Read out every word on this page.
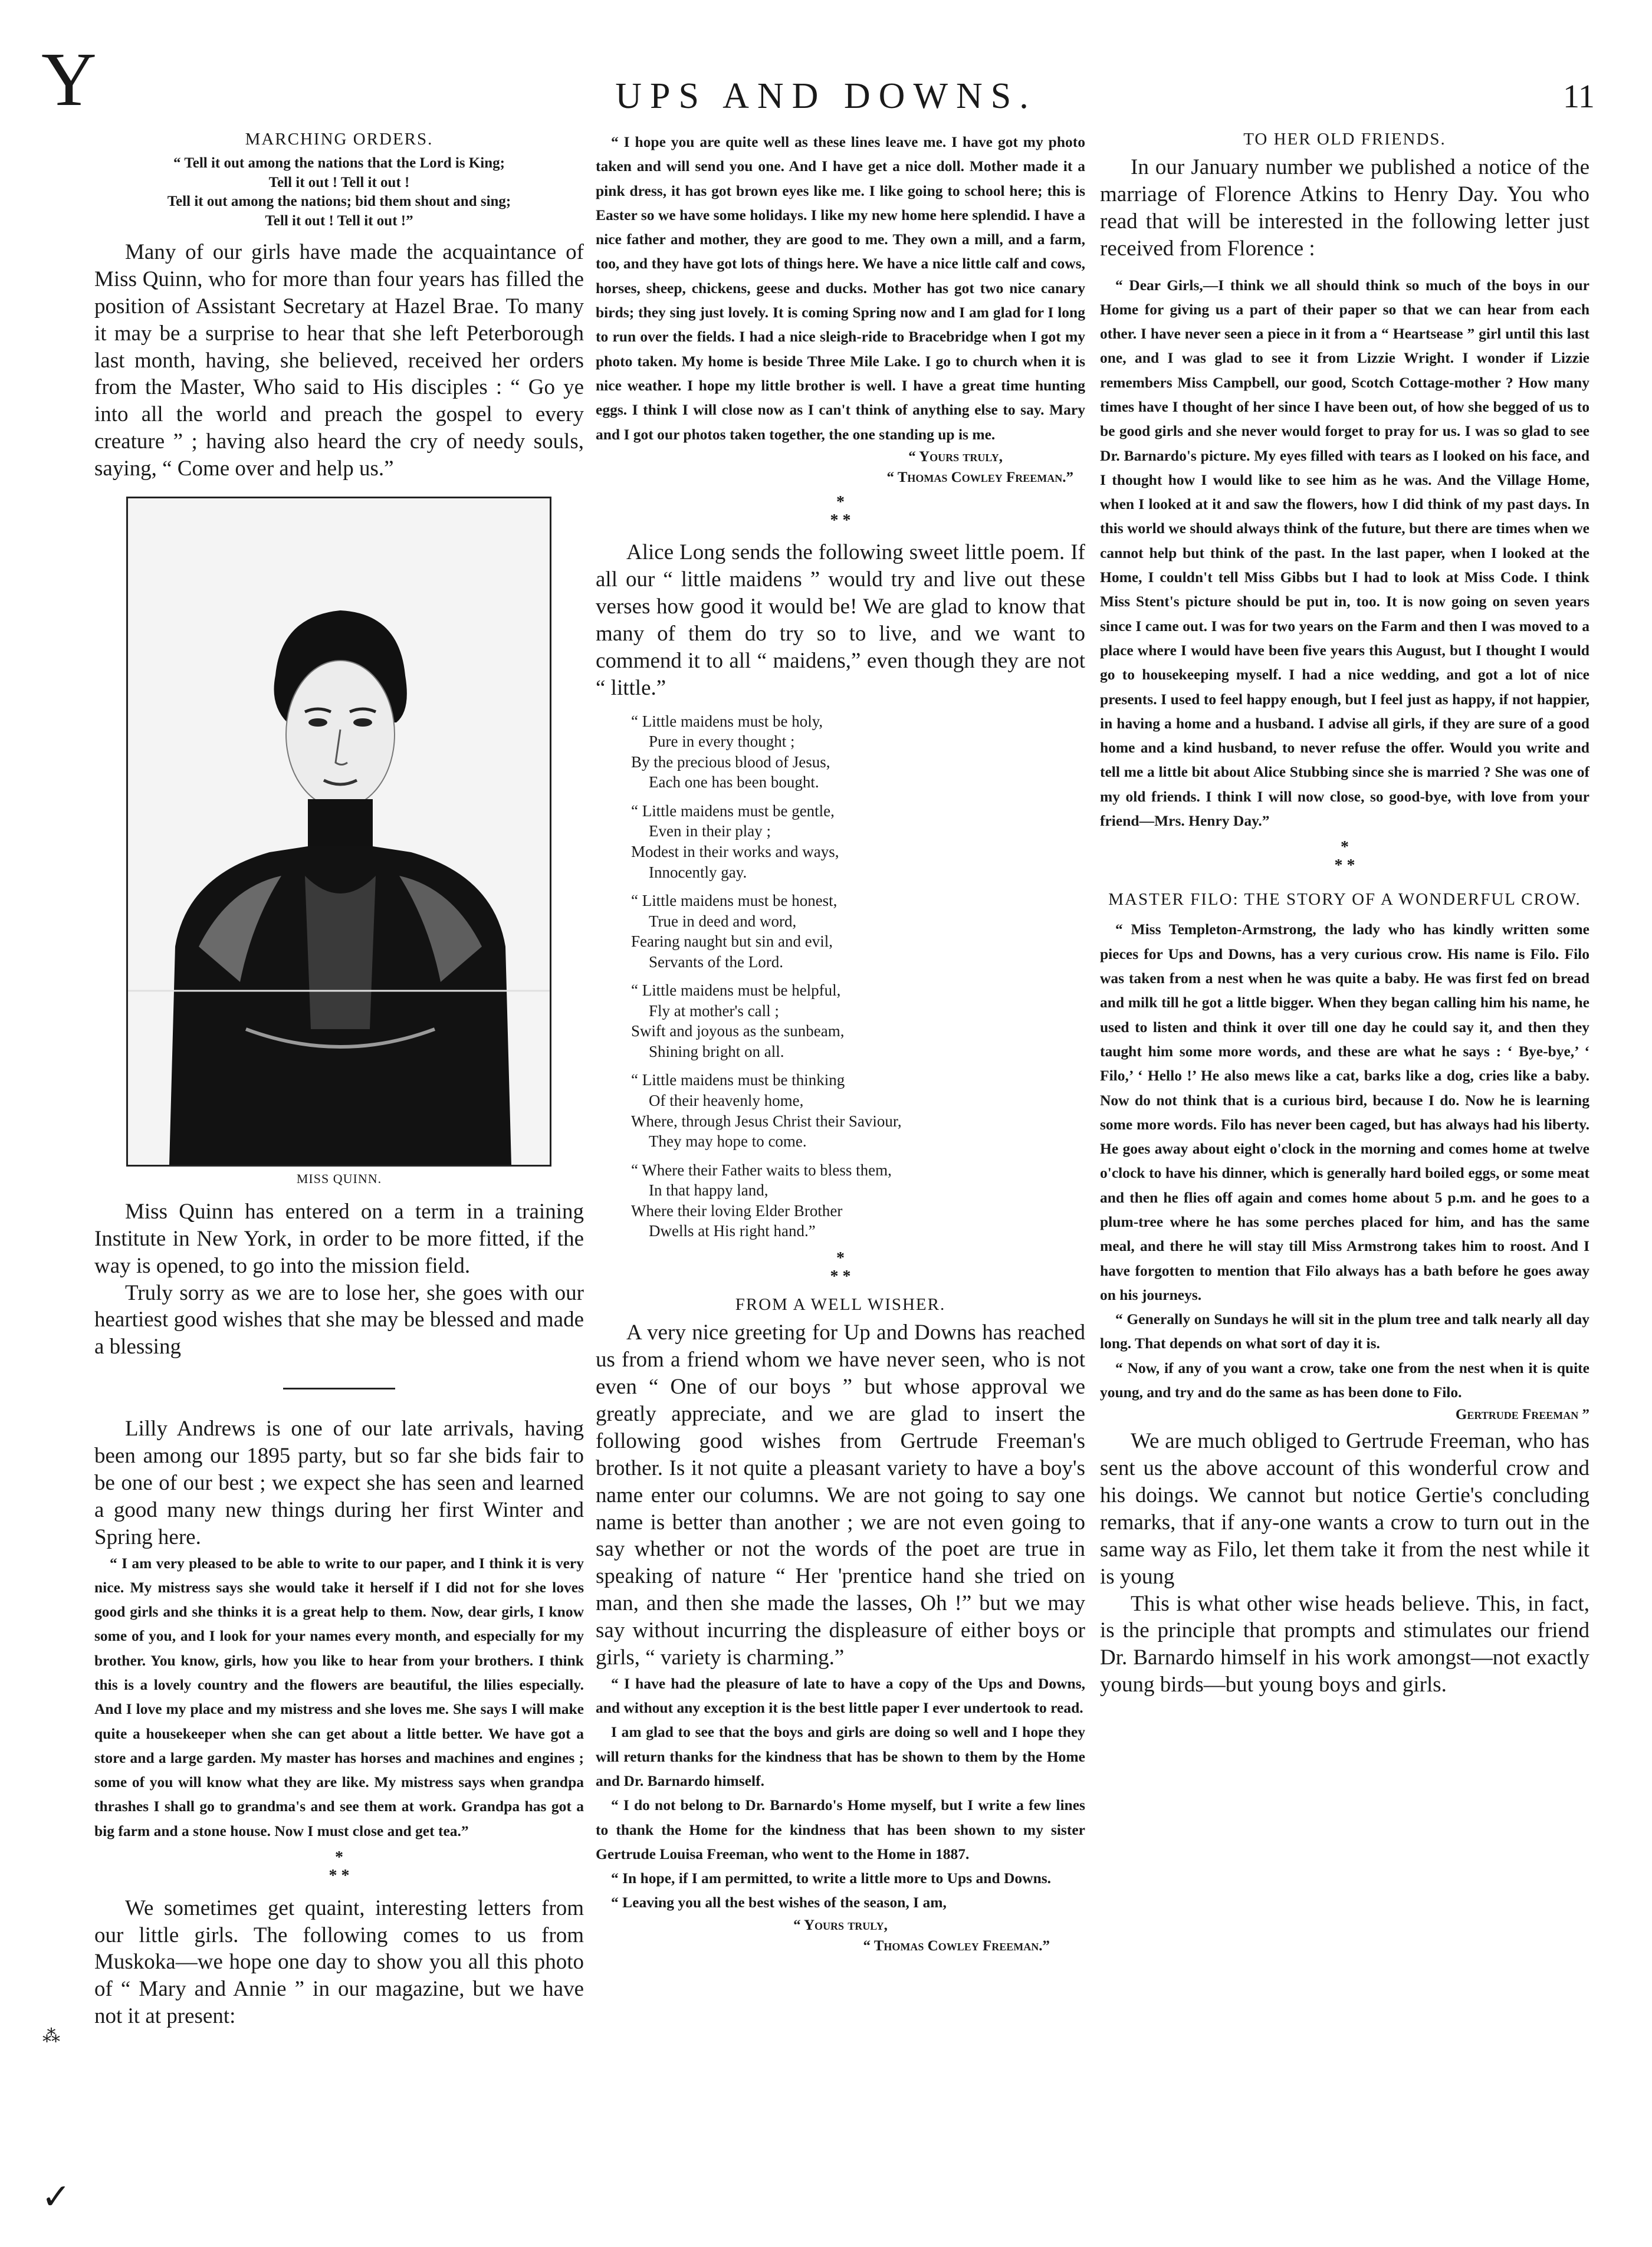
Y	UPS AND DOWNS.	11
MARCHING ORDERS.
“ Tell it out among the nations that the Lord is King;
Tell it out ! Tell it out !
Tell it out among the nations; bid them shout and sing;
Tell it out ! Tell it out !”

Many of our girls have made the acquaintance of Miss Quinn, who for more than four years has filled the position of Assistant Secretary at Hazel Brae. To many it may be a surprise to hear that she left Peterborough last month, having, she believed, received her orders from the Master, Who said to His disciples : “ Go ye into all the world and preach the gospel to every creature ” ; having also heard the cry of needy souls, saying, “ Come over and help us.”

MISS QUINN.

Miss Quinn has entered on a term in a training Institute in New York, in order to be more fitted, if the way is opened, to go into the mission field.

Truly sorry as we are to lose her, she goes with our heartiest good wishes that she may be blessed and made a blessing

Lilly Andrews is one of our late arrivals, having been among our 1895 party, but so far she bids fair to be one of our best ; we expect she has seen and learned a good many new things during her first Winter and Spring here.

“ I am very pleased to be able to write to our paper, and I think it is very nice. My mistress says she would take it herself if I did not for she loves good girls and she thinks it is a great help to them. Now, dear girls, I know some of you, and I look for your names every month, and especially for my brother. You know, girls, how you like to hear from your brothers. I think this is a lovely country and the flowers are beautiful, the lilies especially. And I love my place and my mistress and she loves me. She says I will make quite a housekeeper when she can get about a little better. We have got a store and a large garden. My master has horses and machines and engines ; some of you will know what they are like. My mistress says when grandpa thrashes I shall go to grandma's and see them at work. Grandpa has got a big farm and a stone house. Now I must close and get tea.”

*
* *

We sometimes get quaint, interesting letters from our little girls. The following comes to us from Muskoka—we hope one day to show you all this photo of “ Mary and Annie ” in our magazine, but we have not it at present:

“ I hope you are quite well as these lines leave me. I have got my photo taken and will send you one. And I have get a nice doll. Mother made it a pink dress, it has got brown eyes like me. I like going to school here; this is Easter so we have some holidays. I like my new home here splendid. I have a nice father and mother, they are good to me. They own a mill, and a farm, too, and they have got lots of things here. We have a nice little calf and cows, horses, sheep, chickens, geese and ducks. Mother has got two nice canary birds; they sing just lovely. It is coming Spring now and I am glad for I long to run over the fields. I had a nice sleigh-ride to Bracebridge when I got my photo taken. My home is beside Three Mile Lake. I go to church when it is nice weather. I hope my little brother is well. I have a great time hunting eggs. I think I will close now as I can't think of anything else to say. Mary and I got our photos taken together, the one standing up is me.

“ Yours truly,
“ Thomas Cowley Freeman.”
*
* *

Alice Long sends the following sweet little poem. If all our “ little maidens ” would try and live out these verses how good it would be! We are glad to know that many of them do try so to live, and we want to commend it to all “ maidens,” even though they are not “ little.”

“ Little maidens must be holy,
Pure in every thought ;
By the precious blood of Jesus,
Each one has been bought.
“ Little maidens must be gentle,
Even in their play ;
Modest in their works and ways,
Innocently gay.
“ Little maidens must be honest,
True in deed and word,
Fearing naught but sin and evil,
Servants of the Lord.
“ Little maidens must be helpful,
Fly at mother's call ;
Swift and joyous as the sunbeam,
Shining bright on all.
“ Little maidens must be thinking
Of their heavenly home,
Where, through Jesus Christ their Saviour,
They may hope to come.
“ Where their Father waits to bless them,
In that happy land,
Where their loving Elder Brother
Dwells at His right hand.”
*
* *
FROM A WELL WISHER.

A very nice greeting for Up and Downs has reached us from a friend whom we have never seen, who is not even “ One of our boys ” but whose approval we greatly appreciate, and we are glad to insert the following good wishes from Gertrude Freeman's brother. Is it not quite a pleasant variety to have a boy's name enter our columns. We are not going to say one name is better than another ; we are not even going to say whether or not the words of the poet are true in speaking of nature “ Her 'prentice hand she tried on man, and then she made the lasses, Oh !” but we may say without incurring the displeasure of either boys or girls, “ variety is charming.”

“ I have had the pleasure of late to have a copy of the Ups and Downs, and without any exception it is the best little paper I ever undertook to read.

I am glad to see that the boys and girls are doing so well and I hope they will return thanks for the kindness that has be shown to them by the Home and Dr. Barnardo himself.

“ I do not belong to Dr. Barnardo's Home myself, but I write a few lines to thank the Home for the kindness that has been shown to my sister Gertrude Louisa Freeman, who went to the Home in 1887.

“ In hope, if I am permitted, to write a little more to Ups and Downs.

“ Leaving you all the best wishes of the season, I am,

“ Yours truly,
“ Thomas Cowley Freeman.”
TO HER OLD FRIENDS.

In our January number we published a notice of the marriage of Florence Atkins to Henry Day. You who read that will be interested in the following letter just received from Florence :

“ Dear Girls,—I think we all should think so much of the boys in our Home for giving us a part of their paper so that we can hear from each other. I have never seen a piece in it from a “ Heartsease ” girl until this last one, and I was glad to see it from Lizzie Wright. I wonder if Lizzie remembers Miss Campbell, our good, Scotch Cottage-mother ? How many times have I thought of her since I have been out, of how she begged of us to be good girls and she never would forget to pray for us. I was so glad to see Dr. Barnardo's picture. My eyes filled with tears as I looked on his face, and I thought how I would like to see him as he was. And the Village Home, when I looked at it and saw the flowers, how I did think of my past days. In this world we should always think of the future, but there are times when we cannot help but think of the past. In the last paper, when I looked at the Home, I couldn't tell Miss Gibbs but I had to look at Miss Code. I think Miss Stent's picture should be put in, too. It is now going on seven years since I came out. I was for two years on the Farm and then I was moved to a place where I would have been five years this August, but I thought I would go to housekeeping myself. I had a nice wedding, and got a lot of nice presents. I used to feel happy enough, but I feel just as happy, if not happier, in having a home and a husband. I advise all girls, if they are sure of a good home and a kind husband, to never refuse the offer. Would you write and tell me a little bit about Alice Stubbing since she is married ? She was one of my old friends. I think I will now close, so good-bye, with love from your friend—Mrs. Henry Day.”

*
* *
MASTER FILO: THE STORY OF A WONDERFUL CROW.

“ Miss Templeton-Armstrong, the lady who has kindly written some pieces for Ups and Downs, has a very curious crow. His name is Filo. Filo was taken from a nest when he was quite a baby. He was first fed on bread and milk till he got a little bigger. When they began calling him his name, he used to listen and think it over till one day he could say it, and then they taught him some more words, and these are what he says : ‘ Bye-bye,’ ‘ Filo,’ ‘ Hello !’ He also mews like a cat, barks like a dog, cries like a baby. Now do not think that is a curious bird, because I do. Now he is learning some more words. Filo has never been caged, but has always had his liberty. He goes away about eight o'clock in the morning and comes home at twelve o'clock to have his dinner, which is generally hard boiled eggs, or some meat and then he flies off again and comes home about 5 p.m. and he goes to a plum-tree where he has some perches placed for him, and has the same meal, and there he will stay till Miss Armstrong takes him to roost. And I have forgotten to mention that Filo always has a bath before he goes away on his journeys.

“ Generally on Sundays he will sit in the plum tree and talk nearly all day long. That depends on what sort of day it is.

“ Now, if any of you want a crow, take one from the nest when it is quite young, and try and do the same as has been done to Filo.
Gertrude Freeman ”

We are much obliged to Gertrude Freeman, who has sent us the above account of this wonderful crow and his doings. We cannot but notice Gertie's concluding remarks, that if any-one wants a crow to turn out in the same way as Filo, let them take it from the nest while it is young

This is what other wise heads believe. This, in fact, is the principle that prompts and stimulates our friend Dr. Barnardo himself in his work amongst—not exactly young birds—but young boys and girls.

⁂
✓
